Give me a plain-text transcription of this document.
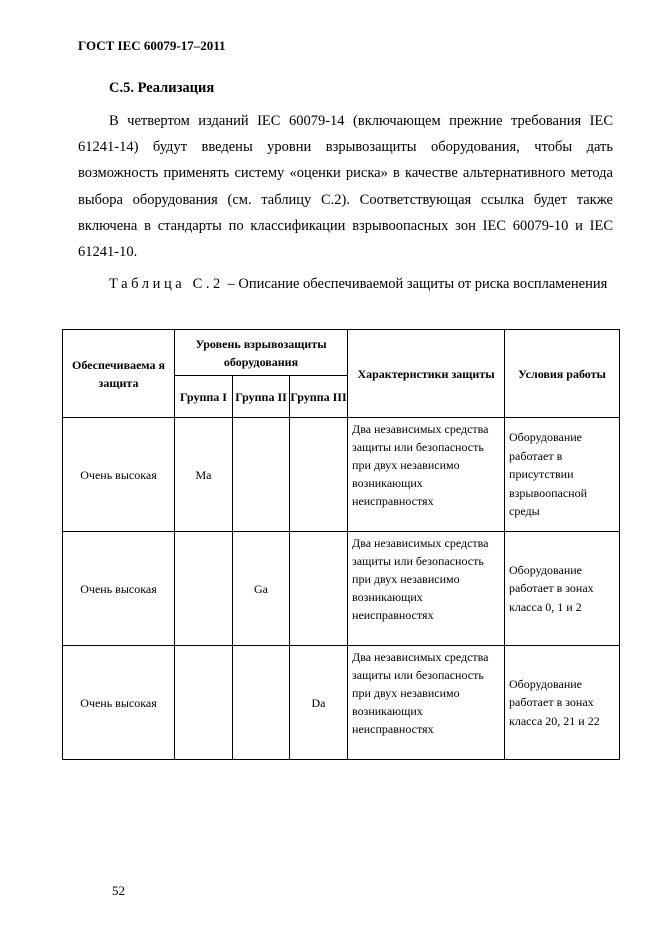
ГОСТ IEC 60079-17–2011
С.5. Реализация
В четвертом изданий IEC 60079-14 (включающем прежние требования IEC 61241-14) будут введены уровни взрывозащиты оборудования, чтобы дать возможность применять систему «оценки риска» в качестве альтернативного метода выбора оборудования (см. таблицу С.2). Соответствующая ссылка будет также включена в стандарты по классификации взрывоопасных зон IEC 60079-10 и IEC 61241-10.
Таблица С.2 – Описание обеспечиваемой защиты от риска воспламенения
Обеспечиваема я защита	Уровень взрывозащиты оборудования			Характеристики защиты	Условия работы
	Группа I	Группа II	Группа III		
Очень высокая	Ма			Два независимых средства защиты или безопасность при двух независимо возникающих неисправностях	Оборудование работает в присутствии взрывоопасной среды
Очень высокая		Ga		Два независимых средства защиты или безопасность при двух независимо возникающих неисправностях	Оборудование работает в зонах класса 0, 1 и 2
Очень высокая			Da	Два независимых средства защиты или безопасность при двух независимо возникающих неисправностях	Оборудование работает в зонах класса 20, 21 и 22
52
